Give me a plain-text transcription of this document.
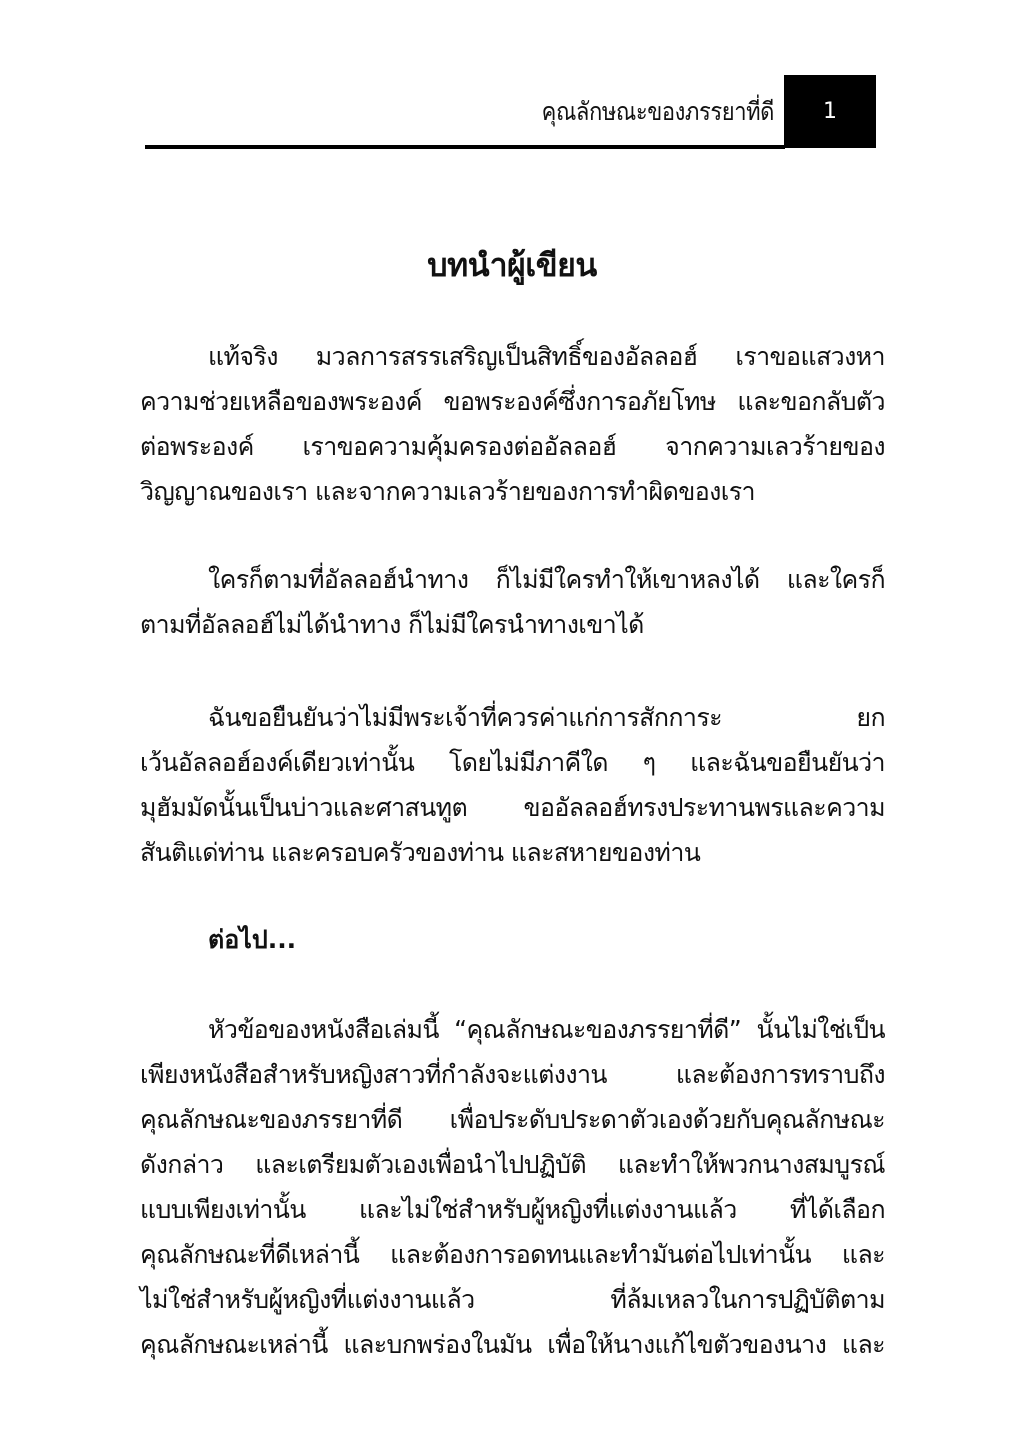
คุณลักษณะของภรรยาที่ดี	1
บทนำผู้เขียน

แท้จริง มวลการสรรเสริญเป็นสิทธิ์ของอัลลอฮ์ เราขอแสวงหา
ความช่วยเหลือของพระองค์ ขอพระองค์ซึ่งการอภัยโทษ และขอกลับตัว
ต่อพระองค์ เราขอความคุ้มครองต่ออัลลอฮ์ จากความเลวร้ายของ
วิญญาณของเรา และจากความเลวร้ายของการทำผิดของเรา

ใครก็ตามที่อัลลอฮ์นำทาง ก็ไม่มีใครทำให้เขาหลงได้ และใครก็
ตามที่อัลลอฮ์ไม่ได้นำทาง ก็ไม่มีใครนำทางเขาได้

ฉันขอยืนยันว่าไม่มีพระเจ้าที่ควรค่าแก่การสักการะ ยก
เว้นอัลลอฮ์องค์เดียวเท่านั้น โดยไม่มีภาคีใด ๆ และฉันขอยืนยันว่า
มุฮัมมัดนั้นเป็นบ่าวและศาสนทูต ขออัลลอฮ์ทรงประทานพรและความ
สันติแด่ท่าน และครอบครัวของท่าน และสหายของท่าน

ต่อไป...

หัวข้อของหนังสือเล่มนี้ “คุณลักษณะของภรรยาที่ดี” นั้นไม่ใช่เป็น
เพียงหนังสือสำหรับหญิงสาวที่กำลังจะแต่งงาน และต้องการทราบถึง
คุณลักษณะของภรรยาที่ดี เพื่อประดับประดาตัวเองด้วยกับคุณลักษณะ
ดังกล่าว และเตรียมตัวเองเพื่อนำไปปฏิบัติ และทำให้พวกนางสมบูรณ์
แบบเพียงเท่านั้น และไม่ใช่สำหรับผู้หญิงที่แต่งงานแล้ว ที่ได้เลือก
คุณลักษณะที่ดีเหล่านี้ และต้องการอดทนและทำมันต่อไปเท่านั้น และ
ไม่ใช่สำหรับผู้หญิงที่แต่งงานแล้ว ที่ล้มเหลวในการปฏิบัติตาม
คุณลักษณะเหล่านี้ และบกพร่องในมัน เพื่อให้นางแก้ไขตัวของนาง และ
